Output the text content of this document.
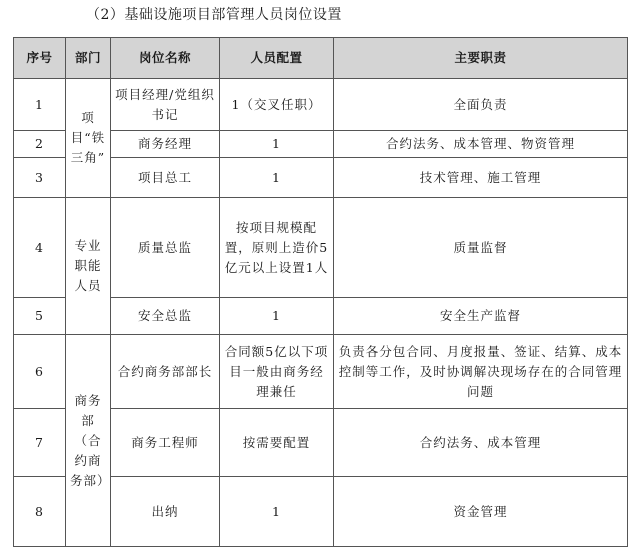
（2）基础设施项目部管理人员岗位设置
序号	部门	岗位名称	人员配置	主要职责
1	项目“铁三角”	项目经理/党组织书记	1（交叉任职）	全面负责
2		商务经理	1	合约法务、成本管理、物资管理
3		项目总工	1	技术管理、施工管理
4	专业职能人员	质量总监	按项目规模配置，原则上造价5亿元以上设置1人	质量监督
5		安全总监	1	安全生产监督
6	商务部（合约商务部）	合约商务部部长	合同额5亿以下项目一般由商务经理兼任	负责各分包合同、月度报量、签证、结算、成本控制等工作，及时协调解决现场存在的合同管理问题
7		商务工程师	按需要配置	合约法务、成本管理
8		出纳	1	资金管理
